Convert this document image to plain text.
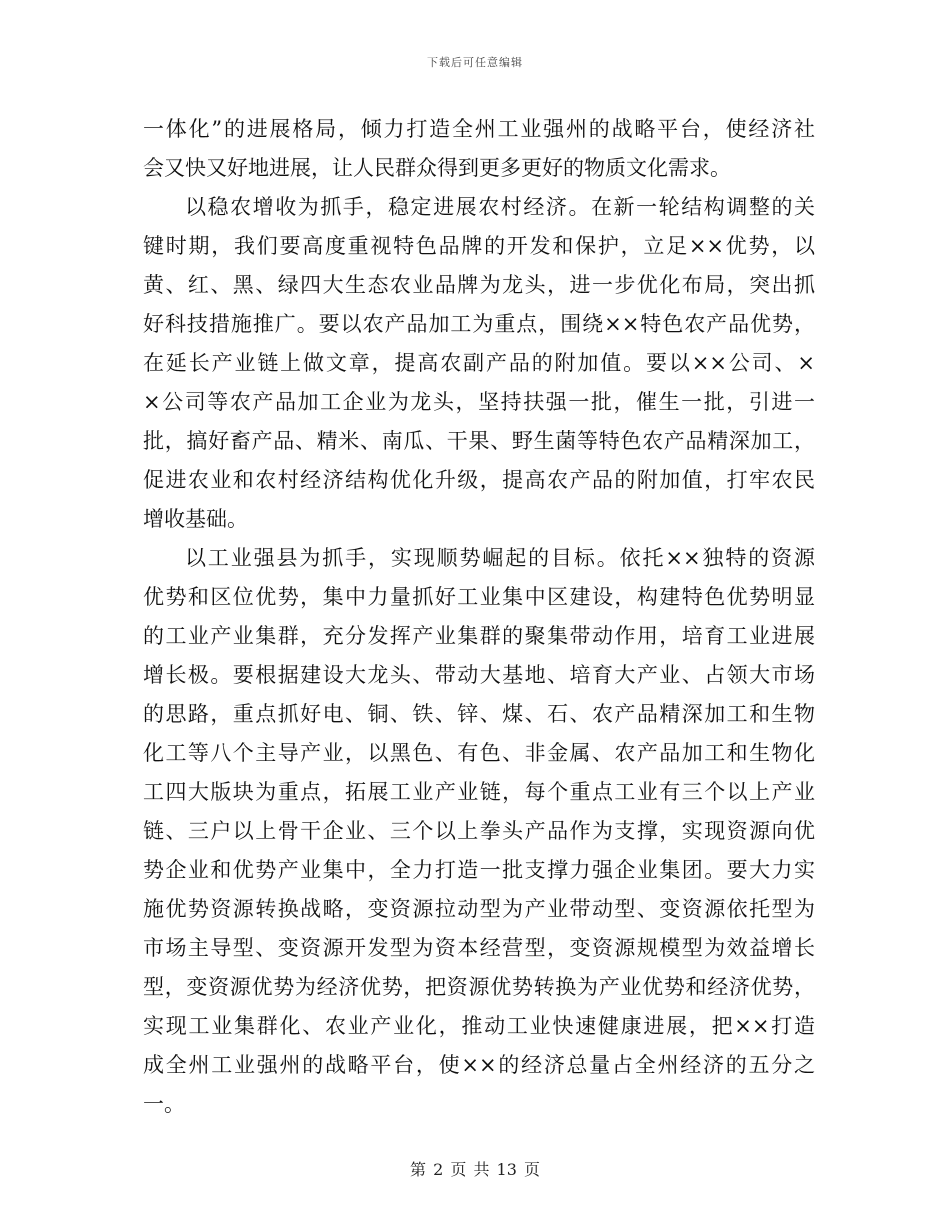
下载后可任意编辑
一体化”的进展格局，倾力打造全州工业强州的战略平台，使经济社
会又快又好地进展，让人民群众得到更多更好的物质文化需求。
以稳农增收为抓手，稳定进展农村经济。在新一轮结构调整的关
键时期，我们要高度重视特色品牌的开发和保护，立足××优势，以
黄、红、黑、绿四大生态农业品牌为龙头，进一步优化布局，突出抓
好科技措施推广。要以农产品加工为重点，围绕××特色农产品优势，
在延长产业链上做文章，提高农副产品的附加值。要以××公司、×
×公司等农产品加工企业为龙头，坚持扶强一批，催生一批，引进一
批，搞好畜产品、精米、南瓜、干果、野生菌等特色农产品精深加工，
促进农业和农村经济结构优化升级，提高农产品的附加值，打牢农民
增收基础。
以工业强县为抓手，实现顺势崛起的目标。依托××独特的资源
优势和区位优势，集中力量抓好工业集中区建设，构建特色优势明显
的工业产业集群，充分发挥产业集群的聚集带动作用，培育工业进展
增长极。要根据建设大龙头、带动大基地、培育大产业、占领大市场
的思路，重点抓好电、铜、铁、锌、煤、石、农产品精深加工和生物
化工等八个主导产业，以黑色、有色、非金属、农产品加工和生物化
工四大版块为重点，拓展工业产业链，每个重点工业有三个以上产业
链、三户以上骨干企业、三个以上拳头产品作为支撑，实现资源向优
势企业和优势产业集中，全力打造一批支撑力强企业集团。要大力实
施优势资源转换战略，变资源拉动型为产业带动型、变资源依托型为
市场主导型、变资源开发型为资本经营型，变资源规模型为效益增长
型，变资源优势为经济优势，把资源优势转换为产业优势和经济优势，
实现工业集群化、农业产业化，推动工业快速健康进展，把××打造
成全州工业强州的战略平台，使××的经济总量占全州经济的五分之
一。
第 2 页 共 13 页
